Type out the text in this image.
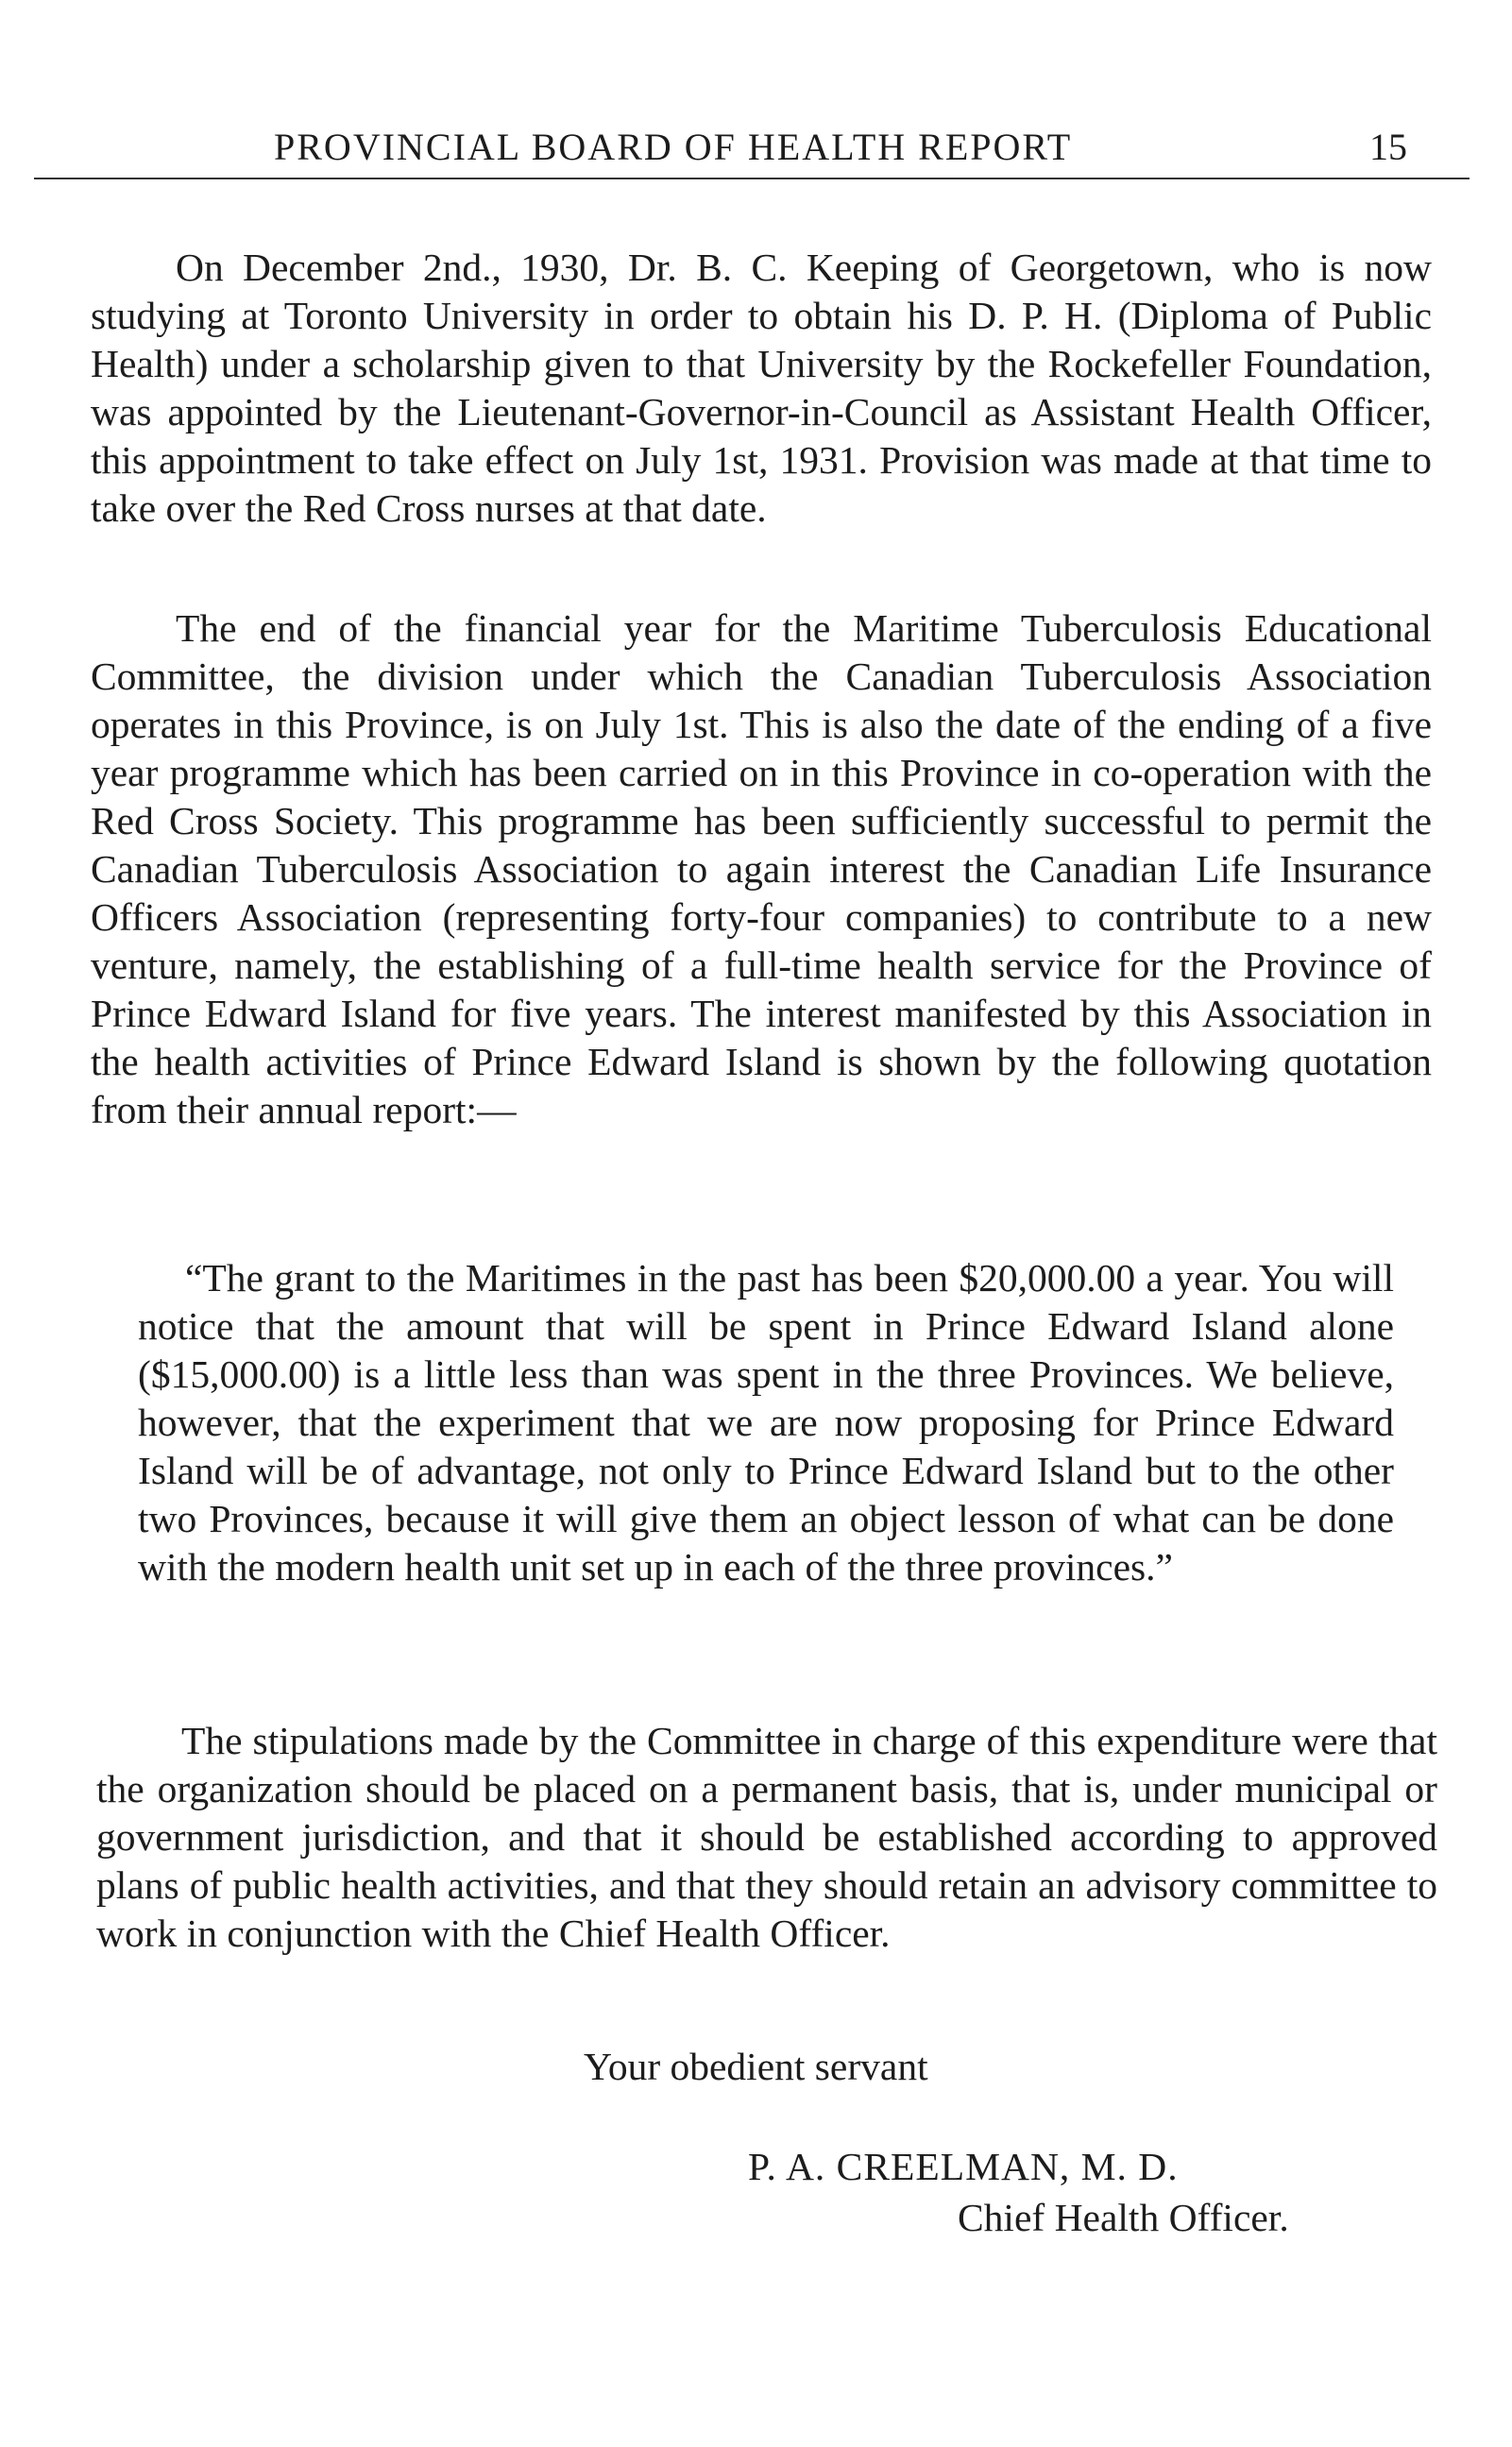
PROVINCIAL BOARD OF HEALTH REPORT	15

On December 2nd., 1930, Dr. B. C. Keeping of Georgetown, who is now studying at Toronto University in order to obtain his D. P. H. (Diploma of Public Health) under a scholarship given to that University by the Rockefeller Foundation, was appointed by the Lieutenant-Governor-in-Council as Assistant Health Officer, this appointment to take effect on July 1st, 1931. Provision was made at that time to take over the Red Cross nurses at that date.

The end of the financial year for the Maritime Tuberculosis Educational Committee, the division under which the Canadian Tuberculosis Association operates in this Province, is on July 1st. This is also the date of the ending of a five year programme which has been carried on in this Province in co-operation with the Red Cross Society. This programme has been sufficiently successful to permit the Canadian Tuberculosis Association to again interest the Canadian Life Insurance Officers Association (representing forty-four companies) to contribute to a new venture, namely, the establishing of a full-time health service for the Province of Prince Edward Island for five years. The interest manifested by this Association in the health activities of Prince Edward Island is shown by the following quotation from their annual report:—

“The grant to the Maritimes in the past has been $20,000.00 a year. You will notice that the amount that will be spent in Prince Edward Island alone ($15,000.00) is a little less than was spent in the three Provinces. We believe, however, that the experiment that we are now proposing for Prince Edward Island will be of advantage, not only to Prince Edward Island but to the other two Provinces, because it will give them an object lesson of what can be done with the modern health unit set up in each of the three provinces.”

The stipulations made by the Committee in charge of this expenditure were that the organization should be placed on a permanent basis, that is, under municipal or government jurisdiction, and that it should be established according to approved plans of public health activities, and that they should retain an advisory committee to work in conjunction with the Chief Health Officer.

Your obedient servant
P. A. CREELMAN, M. D.
Chief Health Officer.
